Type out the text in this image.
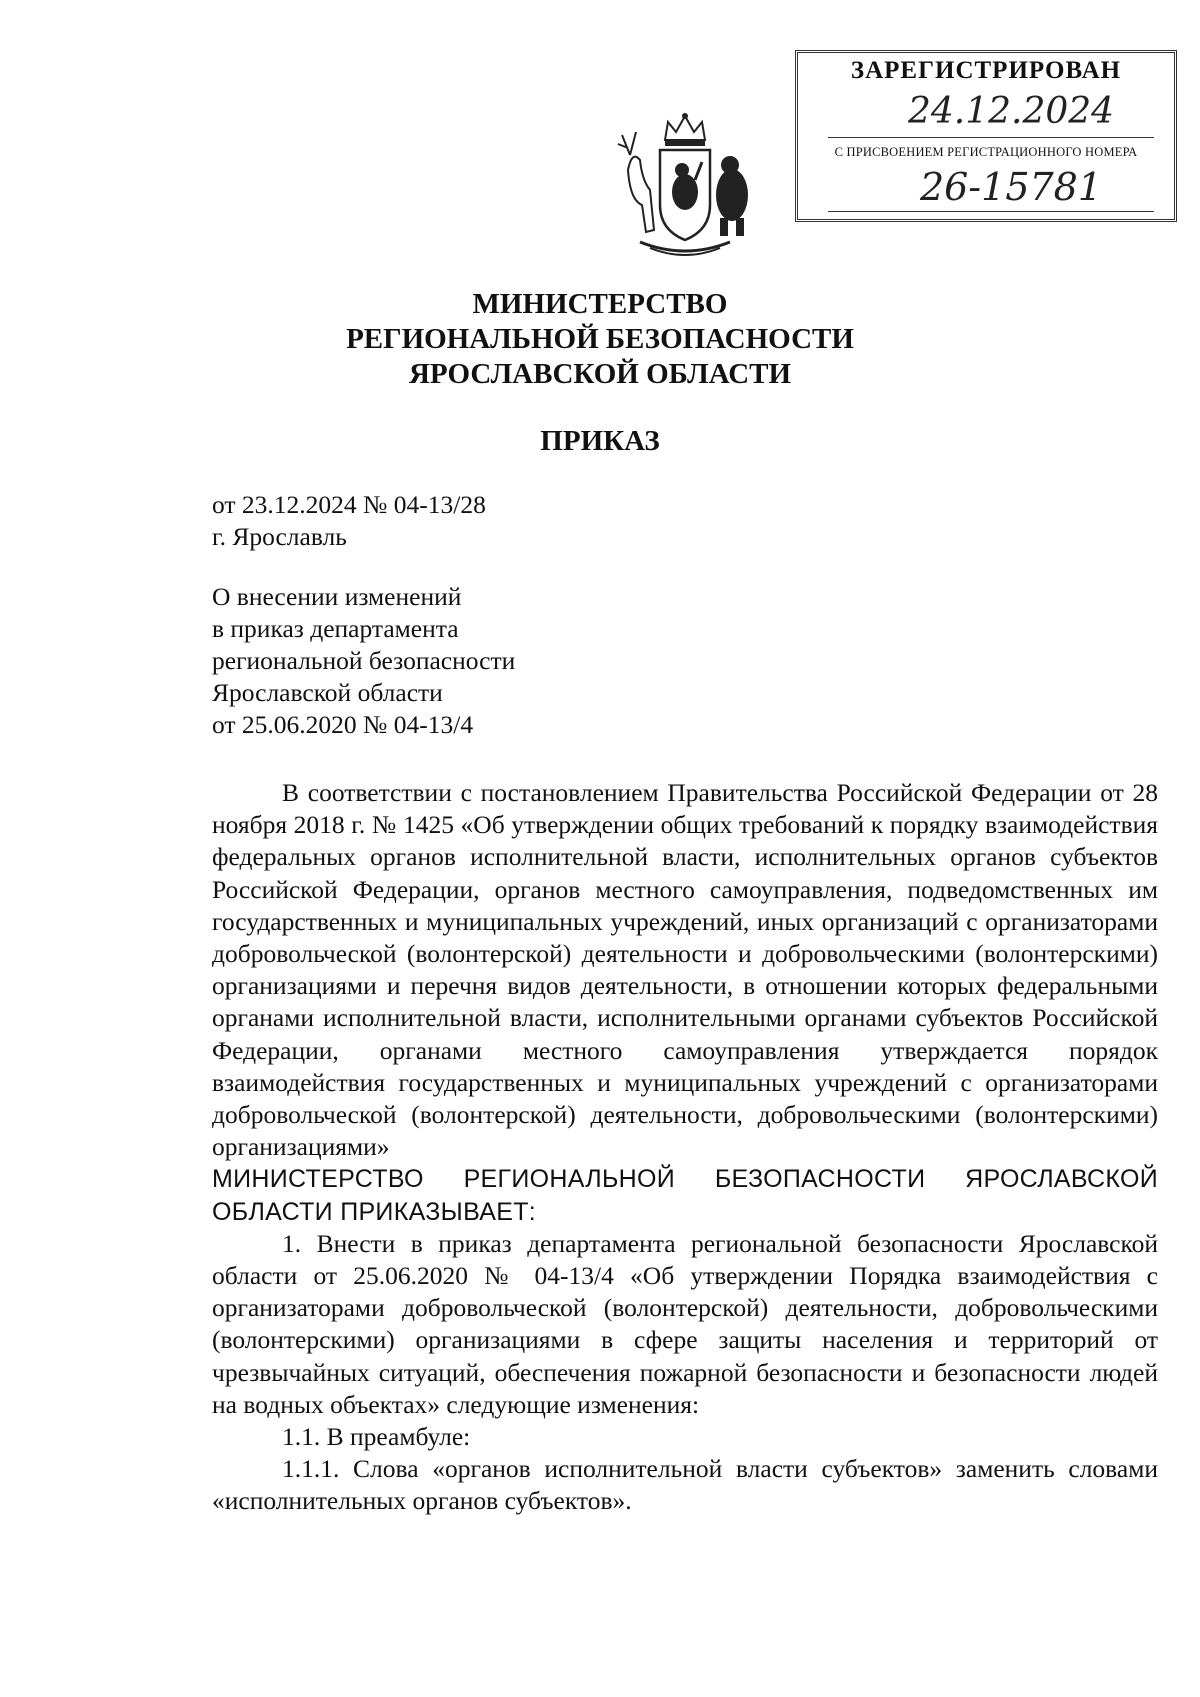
ЗАРЕГИСТРИРОВАН
24.12.2024
С ПРИСВОЕНИЕМ РЕГИСТРАЦИОННОГО НОМЕРА
26-15781
МИНИСТЕРСТВО
РЕГИОНАЛЬНОЙ БЕЗОПАСНОСТИ
ЯРОСЛАВСКОЙ ОБЛАСТИ
ПРИКАЗ
от 23.12.2024 № 04-13/28
г. Ярославль
О внесении изменений
в приказ департамента
региональной безопасности
Ярославской области
от 25.06.2020 № 04-13/4

В соответствии с постановлением Правительства Российской Федерации от 28 ноября 2018 г. № 1425 «Об утверждении общих требований к порядку взаимодействия федеральных органов исполнительной власти, исполнительных органов субъектов Российской Федерации, органов местного самоуправления, подведомственных им государственных и муниципальных учреждений, иных организаций с организаторами добровольческой (волонтерской) деятельности и добровольческими (волонтерскими) организациями и перечня видов деятельности, в отношении которых федеральными органами исполнительной власти, исполнительными органами субъектов Российской Федерации, органами местного самоуправления утверждается порядок взаимодействия государственных и муниципальных учреждений с организаторами добровольческой (волонтерской) деятельности, добровольческими (волонтерскими) организациями»

МИНИСТЕРСТВО РЕГИОНАЛЬНОЙ БЕЗОПАСНОСТИ ЯРОСЛАВСКОЙ ОБЛАСТИ ПРИКАЗЫВАЕТ:

1. Внести в приказ департамента региональной безопасности Ярославской области от 25.06.2020 № 04-13/4 «Об утверждении Порядка взаимодействия с организаторами добровольческой (волонтерской) деятельности, добровольческими (волонтерскими) организациями в сфере защиты населения и территорий от чрезвычайных ситуаций, обеспечения пожарной безопасности и безопасности людей на водных объектах» следующие изменения:

1.1. В преамбуле:

1.1.1. Слова «органов исполнительной власти субъектов» заменить словами «исполнительных органов субъектов».
